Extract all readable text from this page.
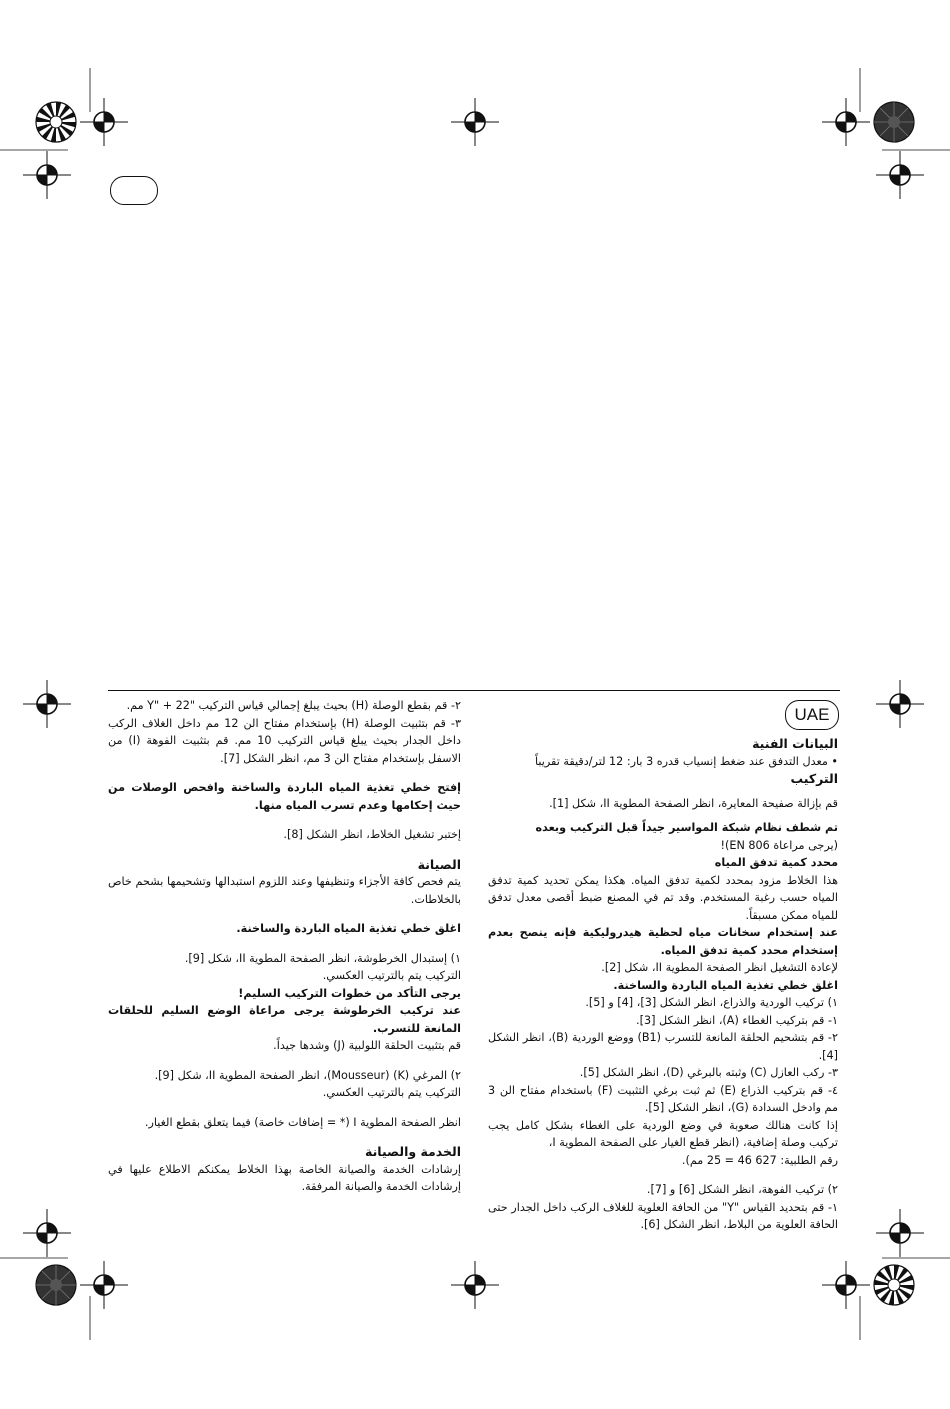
UAE

البيانات الفنية

• معدل التدفق عند ضغط إنسياب قدره 3 بار: 12 لتر/دقيقة تقريباً

التركيب

قم بإزالة صفيحة المعايرة، انظر الصفحة المطوية II، شكل [1].

تم شطف نظام شبكة المواسير جيداً قبل التركيب وبعده

(يرجى مراعاة EN 806)!

محدد كمية تدفق المياه

هذا الخلاط مزود بمحدد لكمية تدفق المياه. هكذا يمكن تحديد كمية تدفق المياه حسب رغبة المستخدم. وقد تم في المصنع ضبط أقصى معدل تدفق للمياه ممكن مسبقاً.

عند إستخدام سخانات مياه لحظية هيدروليكية فإنه ينصح بعدم إستخدام محدد كمية تدفق المياه.

لإعادة التشغيل انظر الصفحة المطوية II، شكل [2].

اغلق خطي تغذية المياه الباردة والساخنة.

١) تركيب الوردية والذراع، انظر الشكل [3]، [4] و [5].

١- قم بتركيب الغطاء (A)، انظر الشكل [3].

٢- قم بتشحيم الحلقة المانعة للتسرب (B1) ووضع الوردية (B)، انظر الشكل [4].

٣- ركب العازل (C) وثبته بالبرغي (D)، انظر الشكل [5].

٤- قم بتركيب الذراع (E) ثم ثبت برغي التثبيت (F) باستخدام مفتاح الن 3 مم وادخل السدادة (G)، انظر الشكل [5].

إذا كانت هنالك صعوبة في وضع الوردية على الغطاء بشكل كامل يجب تركيب وصلة إضافية، (انظر قطع الغيار على الصفحة المطوية I،

رقم الطلبية: 627 46 = 25 مم).

٢) تركيب الفوهة، انظر الشكل [6] و [7].

١- قم بتحديد القياس "Y" من الحافة العلوية للغلاف الركب داخل الجدار حتى الحافة العلوية من البلاط، انظر الشكل [6].

٢- قم بقطع الوصلة (H) بحيث يبلغ إجمالي قياس التركيب "Y" + 22 مم.

٣- قم بتثبيت الوصلة (H) بإستخدام مفتاح الن 12 مم داخل الغلاف الركب داخل الجدار بحيث يبلغ قياس التركيب 10 مم. قم بتثبيت الفوهة (I) من الاسفل بإستخدام مفتاح الن 3 مم، انظر الشكل [7].

إفتح خطي تغذية المياه الباردة والساخنة وافحص الوصلات من حيث إحكامها وعدم تسرب المياه منها.

إختبر تشغيل الخلاط، انظر الشكل [8].

الصيانة

يتم فحص كافة الأجزاء وتنظيفها وعند اللزوم استبدالها وتشحيمها بشحم خاص بالخلاطات.

اغلق خطي تغذية المياه الباردة والساخنة.

١) إستبدال الخرطوشة، انظر الصفحة المطوية II، شكل [9].

التركيب يتم بالترتيب العكسي.

يرجى التأكد من خطوات التركيب السليم!

عند تركيب الخرطوشة يرجى مراعاة الوضع السليم للحلقات المانعة للتسرب.

قم بتثبيت الحلقة اللولبية (J) وشدها جيداً.

٢) المرغي (K) (Mousseur)، انظر الصفحة المطوية II، شكل [9].

التركيب يتم بالترتيب العكسي.

انظر الصفحة المطوية I (* = إضافات خاصة) فيما يتعلق بقطع الغيار.

الخدمة والصيانة

إرشادات الخدمة والصيانة الخاصة بهذا الخلاط يمكنكم الاطلاع عليها في إرشادات الخدمة والصيانة المرفقة.
